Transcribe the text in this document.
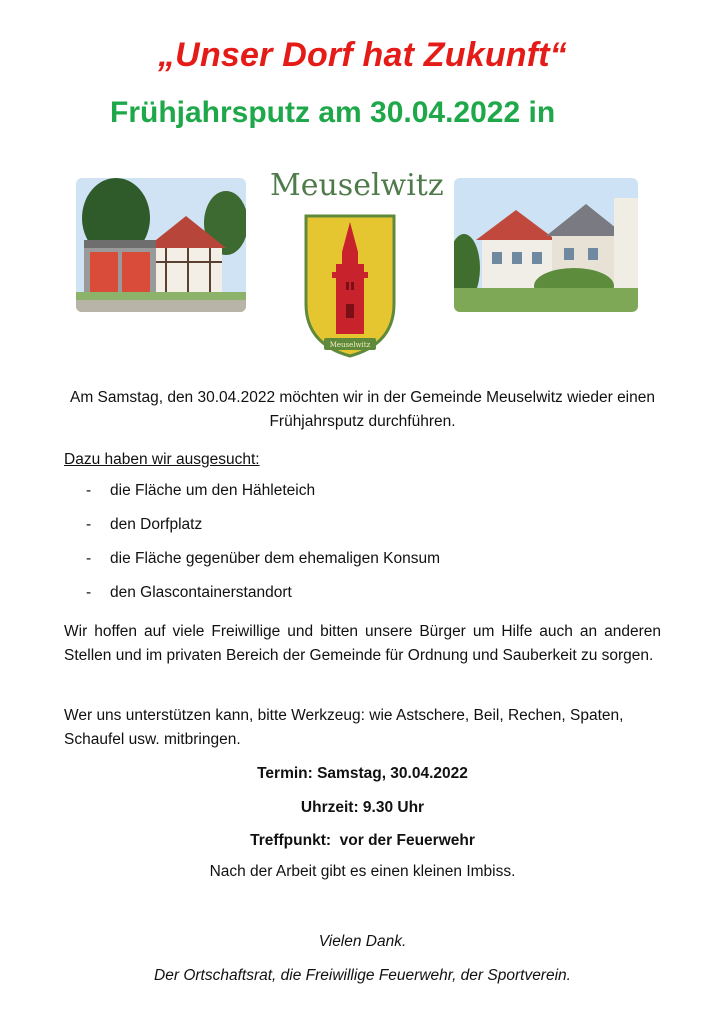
„Unser Dorf hat Zukunft“
Frühjahrsputz am 30.04.2022 in
Meuselwitz
Meuselwitz
Am Samstag, den 30.04.2022 möchten wir in der Gemeinde Meuselwitz wieder einen Frühjahrsputz durchführen.
Dazu haben wir ausgesucht:
- die Fläche um den Hähleteich
- den Dorfplatz
- die Fläche gegenüber dem ehemaligen Konsum
- den Glascontainerstandort
Wir hoffen auf viele Freiwillige und bitten unsere Bürger um Hilfe auch an anderen Stellen und im privaten Bereich der Gemeinde für Ordnung und Sauberkeit zu sorgen.
Wer uns unterstützen kann, bitte Werkzeug: wie Astschere, Beil, Rechen, Spaten, Schaufel usw. mitbringen.
Termin: Samstag, 30.04.2022
Uhrzeit: 9.30 Uhr
Treffpunkt:  vor der Feuerwehr
Nach der Arbeit gibt es einen kleinen Imbiss.
Vielen Dank.
Der Ortschaftsrat, die Freiwillige Feuerwehr, der Sportverein.
